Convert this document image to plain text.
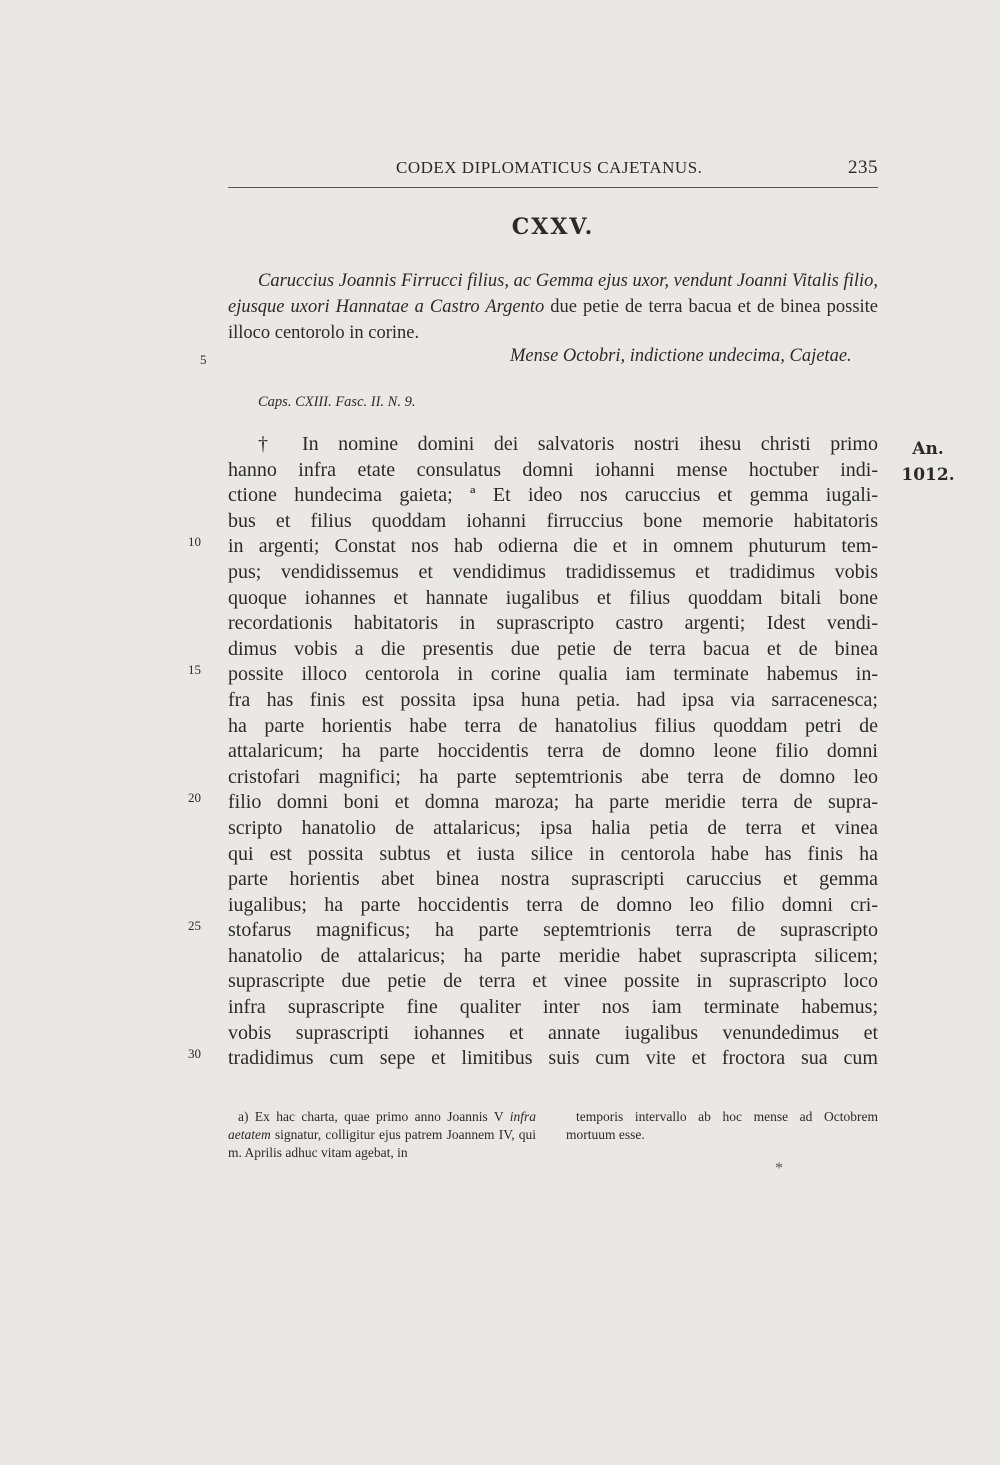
CODEX DIPLOMATICUS CAJETANUS.	235
CXXV.
Caruccius Joannis Firrucci filius, ac Gemma ejus uxor, vendunt Joanni Vitalis filio, ejusque uxori Hannatae a Castro Argento due petie de terra bacua et de binea possite illoco centorolo in corine.
5	Mense Octobri, indictione undecima, Cajetae.
Caps. CXIII. Fasc. II. N. 9.
An.
1012.
10
15
20
25
30
† In nomine domini dei salvatoris nostri ihesu christi primo
hanno infra etate consulatus domni iohanni mense hoctuber indi-
ctione hundecima gaieta; ª Et ideo nos caruccius et gemma iugali-
bus et filius quoddam iohanni firruccius bone memorie habitatoris
in argenti; Constat nos hab odierna die et in omnem phuturum tem-
pus; vendidissemus et vendidimus tradidissemus et tradidimus vobis
quoque iohannes et hannate iugalibus et filius quoddam bitali bone
recordationis habitatoris in suprascripto castro argenti; Idest vendi-
dimus vobis a die presentis due petie de terra bacua et de binea
possite illoco centorola in corine qualia iam terminate habemus in-
fra has finis est possita ipsa huna petia. had ipsa via sarracenesca;
ha parte horientis habe terra de hanatolius filius quoddam petri de
attalaricum; ha parte hoccidentis terra de domno leone filio domni
cristofari magnifici; ha parte septemtrionis abe terra de domno leo
filio domni boni et domna maroza; ha parte meridie terra de supra-
scripto hanatolio de attalaricus; ipsa halia petia de terra et vinea
qui est possita subtus et iusta silice in centorola habe has finis ha
parte horientis abet binea nostra suprascripti caruccius et gemma
iugalibus; ha parte hoccidentis terra de domno leo filio domni cri-
stofarus magnificus; ha parte septemtrionis terra de suprascripto
hanatolio de attalaricus; ha parte meridie habet suprascripta silicem;
suprascripte due petie de terra et vinee possite in suprascripto loco
infra suprascripte fine qualiter inter nos iam terminate habemus;
vobis suprascripti iohannes et annate iugalibus venundedimus et
tradidimus cum sepe et limitibus suis cum vite et froctora sua cum
a) Ex hac charta, quae primo anno Joannis V infra aetatem signatur, colligitur ejus patrem Joannem IV, qui m. Aprilis adhuc vitam agebat, in
temporis intervallo ab hoc mense ad Octobrem mortuum esse.
*
